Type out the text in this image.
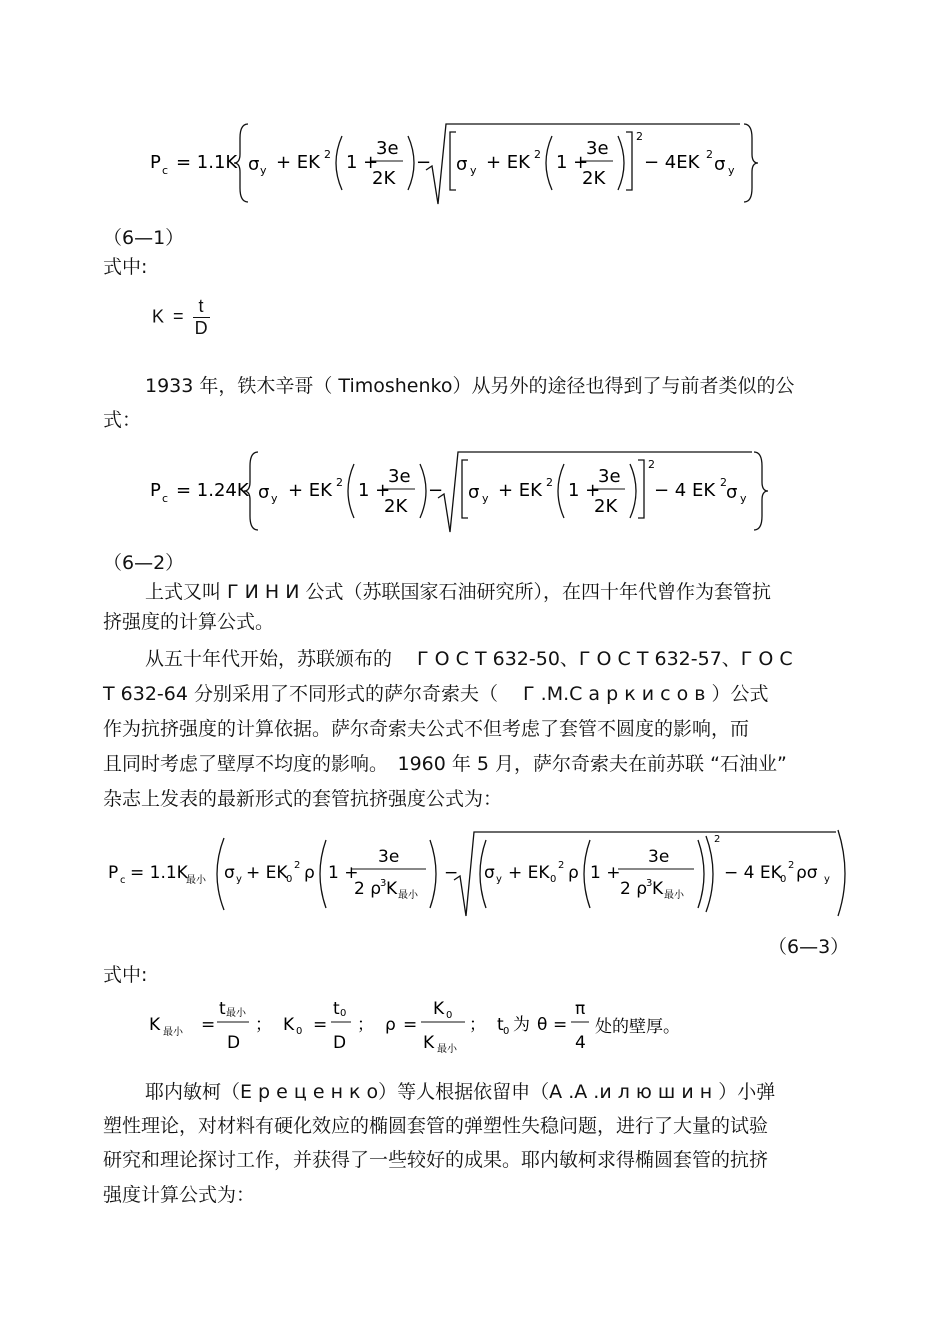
P c = 1.1K σ y + EK 2 1 +
3e
2K
− σ y + EK 2 1 +
3e
2K
2
− 4EK 2 σ y
（6—1）
式中:
$K = \frac{t}{D}$
1933 年，铁木辛哥（ Timoshenko）从另外的途径也得到了与前者类似的公
式：
P c = 1.24K σ y + EK 2 1 +
3e
2K
− σ y + EK 2 1 +
3e
2K
2
− 4 EK 2 σ y
（6—2）
上式又叫 Г И Н И 公式（苏联国家石油研究所），在四十年代曾作为套管抗
挤强度的计算公式。
从五十年代开始，苏联颁布的　 Г О С Т 632-50、Г О С Т 632-57、Г О С
Т 632-64 分别采用了不同形式的萨尔奇索夫（　 Г .М.С а р к и с о в ）公式
作为抗挤强度的计算依据。萨尔奇索夫公式不但考虑了套管不圆度的影响，而
且同时考虑了壁厚不均度的影响。　1960 年 5 月，萨尔奇索夫在前苏联 “石油业”
杂志上发表的最新形式的套管抗挤强度公式为：
P c = 1.1K
最小 σ y + EK
0
2 ρ 1 +
3e
2 ρ
3 K 最小
− σ y + EK 0
2 ρ 1 +
3e
2 ρ
3 K 最小
2
− 4 EK
0
2 ρσ y
（6—3）
式中:
K 最小 =
t 最小
D
； K 0 =
t 0
D
； ρ =
K 0
K 最小
； t 0 为 θ =
π
4
处的壁厚。
耶内敏柯（Е р е ц е н к о）等人根据依留申（А .А .и л ю ш и н ）小弹
塑性理论，对材料有硬化效应的椭圆套管的弹塑性失稳问题，进行了大量的试验
研究和理论探讨工作，并获得了一些较好的成果。耶内敏柯求得椭圆套管的抗挤
强度计算公式为：
